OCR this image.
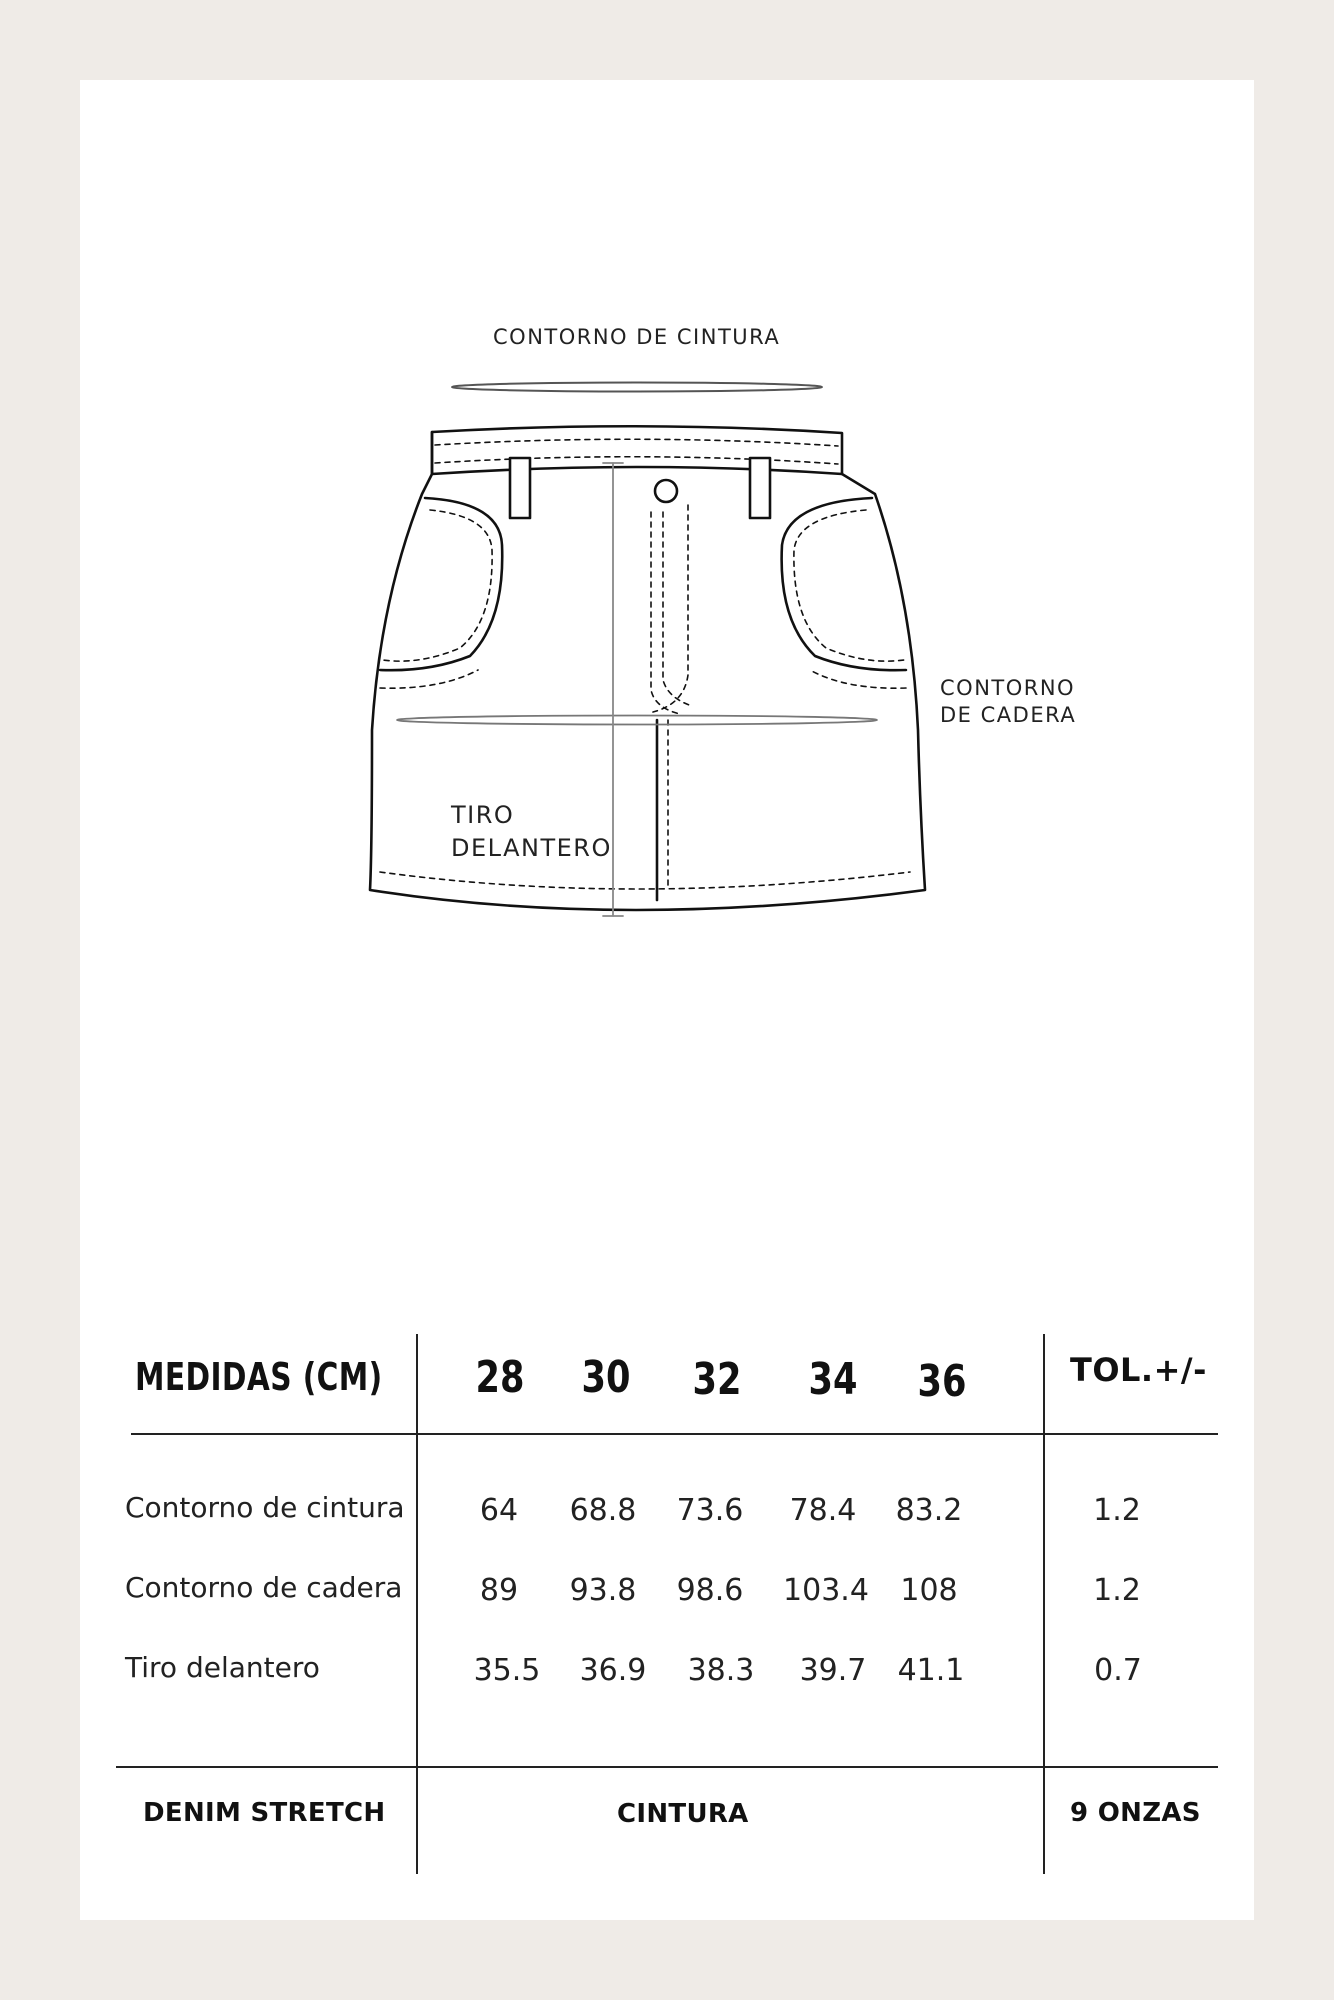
CONTORNO DE CINTURA
CONTORNO
DE CADERA
TIRO
DELANTERO
MEDIDAS (CM) 28 30 32 34 36	TOL.+/-
Contorno de cintura	64	68.8	73.6	78.4	83.2	1.2
Contorno de cadera	89	93.8	98.6	103.4	108	1.2
Tiro delantero	35.5	36.9	38.3	39.7	41.1	0.7
DENIM STRETCH	CINTURA	9 ONZAS
